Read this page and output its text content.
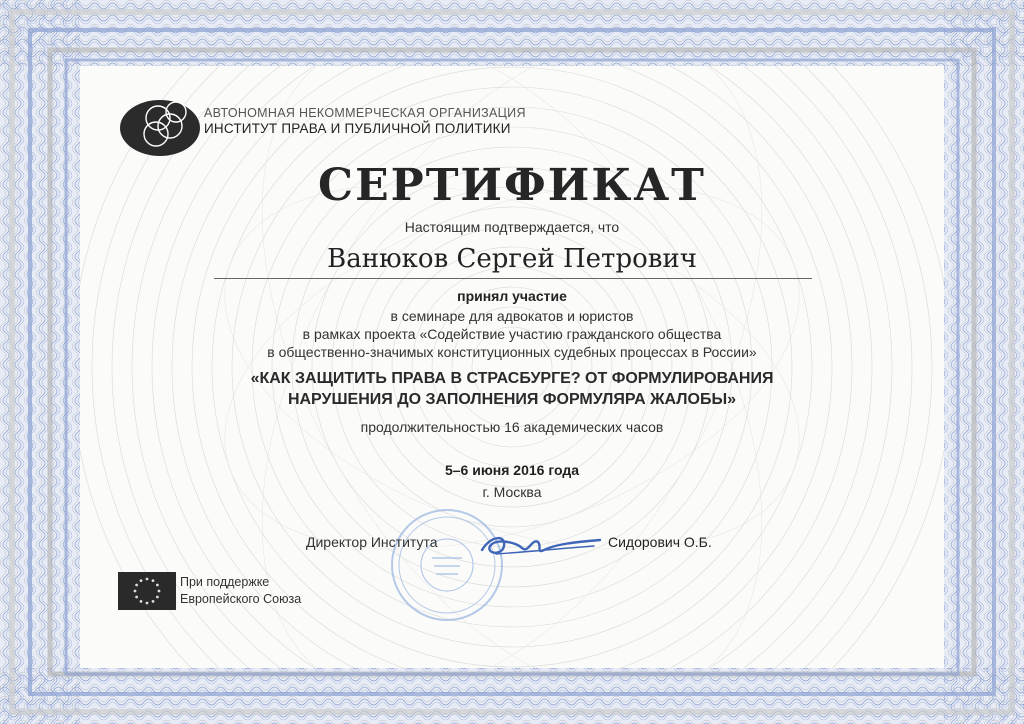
АВТОНОМНАЯ НЕКОММЕРЧЕСКАЯ ОРГАНИЗАЦИЯ
ИНСТИТУТ ПРАВА И ПУБЛИЧНОЙ ПОЛИТИКИ
СЕРТИФИКАТ
Настоящим подтверждается, что
Ванюков Сергей Петрович
принял участие
в семинаре для адвокатов и юристов
в рамках проекта «Содействие участию гражданского общества
в общественно-значимых конституционных судебных процессах в России»
«КАК ЗАЩИТИТЬ ПРАВА В СТРАСБУРГЕ? ОТ ФОРМУЛИРОВАНИЯ
НАРУШЕНИЯ ДО ЗАПОЛНЕНИЯ ФОРМУЛЯРА ЖАЛОБЫ»
продолжительностью 16 академических часов
5–6 июня 2016 года
г. Москва
Директор Института	Сидорович О.Б.
При поддержке
Европейского Союза
